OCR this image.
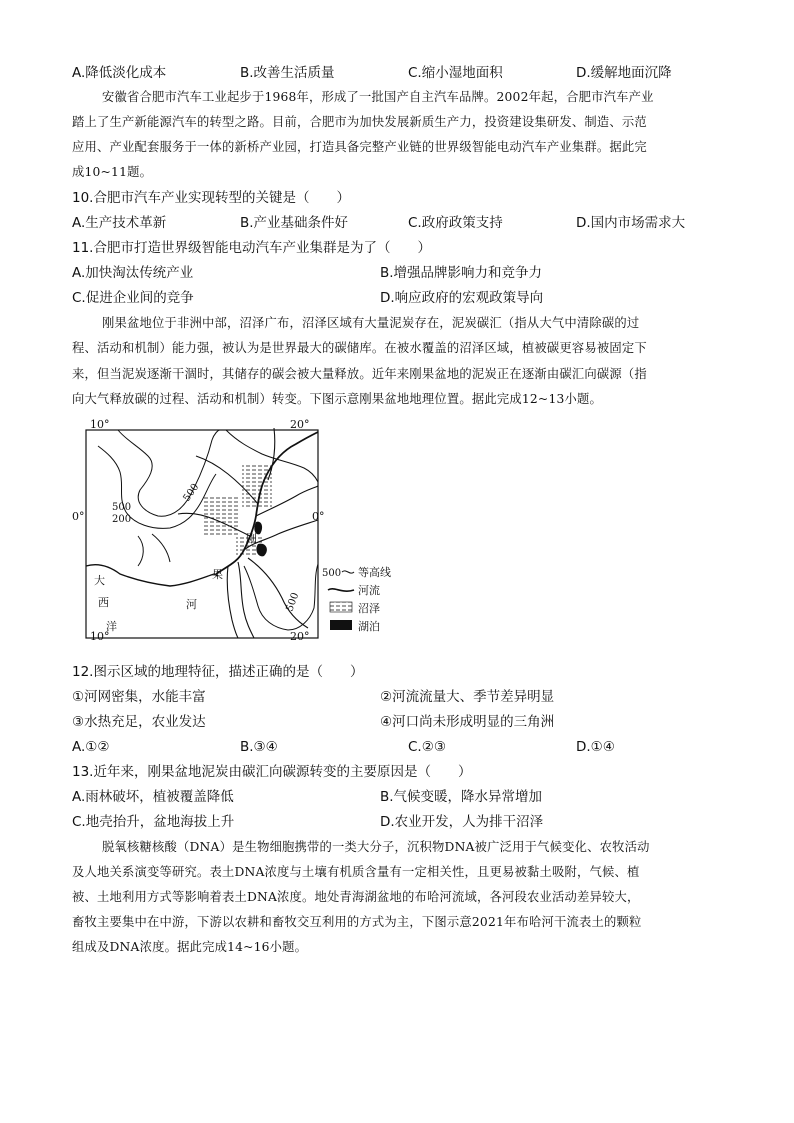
A.降低淡化成本	B.改善生活质量	C.缩小湿地面积	D.缓解地面沉降
安徽省合肥市汽车工业起步于1968年，形成了一批国产自主汽车品牌。2002年起，合肥市汽车产业
踏上了生产新能源汽车的转型之路。目前，合肥市为加快发展新质生产力，投资建设集研发、制造、示范
应用、产业配套服务于一体的新桥产业园，打造具备完整产业链的世界级智能电动汽车产业集群。据此完
成10~11题。
10.合肥市汽车产业实现转型的关键是（　　）
A.生产技术革新	B.产业基础条件好	C.政府政策支持	D.国内市场需求大
11.合肥市打造世界级智能电动汽车产业集群是为了（　　）
A.加快淘汰传统产业	B.增强品牌影响力和竞争力
C.促进企业间的竞争	D.响应政府的宏观政策导向
刚果盆地位于非洲中部，沼泽广布，沼泽区域有大量泥炭存在，泥炭碳汇（指从大气中清除碳的过
程、活动和机制）能力强，被认为是世界最大的碳储库。在被水覆盖的沼泽区域，植被碳更容易被固定下
来，但当泥炭逐渐干涸时，其储存的碳会被大量释放。近年来刚果盆地的泥炭正在逐渐由碳汇向碳源（指
向大气释放碳的过程、活动和机制）转变。下图示意刚果盆地地理位置。据此完成12~13小题。
10°	20°
10°	20°
0°	0°
500
200
500
500
大
西
洋
刚
果
河
500 等高线
河流
沼泽
湖泊
12.图示区域的地理特征，描述正确的是（　　）
①河网密集，水能丰富	②河流流量大、季节差异明显
③水热充足，农业发达	④河口尚未形成明显的三角洲
A.①②	B.③④	C.②③	D.①④
13.近年来，刚果盆地泥炭由碳汇向碳源转变的主要原因是（　　）
A.雨林破坏，植被覆盖降低	B.气候变暖，降水异常增加
C.地壳抬升，盆地海拔上升	D.农业开发，人为排干沼泽
脱氧核糖核酸（DNA）是生物细胞携带的一类大分子，沉积物DNA被广泛用于气候变化、农牧活动
及人地关系演变等研究。表土DNA浓度与土壤有机质含量有一定相关性，且更易被黏土吸附，气候、植
被、土地利用方式等影响着表土DNA浓度。地处青海湖盆地的布哈河流域，各河段农业活动差异较大，
畜牧主要集中在中游，下游以农耕和畜牧交互利用的方式为主，下图示意2021年布哈河干流表土的颗粒
组成及DNA浓度。据此完成14~16小题。
